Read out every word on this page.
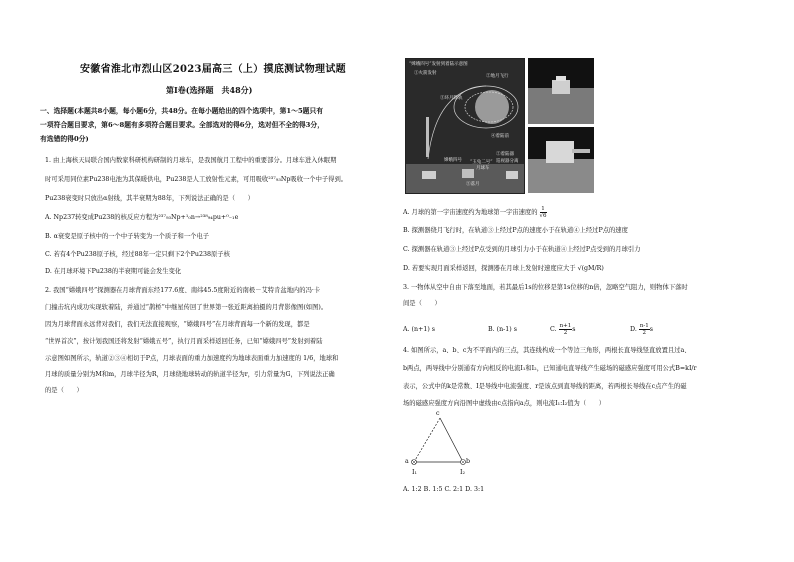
安徽省淮北市烈山区2023届高三（上）摸底测试物理试题
第Ⅰ卷(选择题　共48分)
一、选择题(本题共8小题，每小题6分，共48分。在每小题给出的四个选项中，第1～5题只有
一项符合题目要求，第6～8题有多项符合题目要求。全部选对的得6分，选对但不全的得3分，
有选错的得0分)
1. 由上海核天局联合国内数家科研机构研制的月球车，是我国航月工程中的重要部分。月球车进入休眠期
时可采用同位素Pu238电池为其保暖供电，Pu238是人工放射性元素，可用吸收²³⁷₉₃Np吸收一个中子得到。
Pu238衰变时只放出α射线，其半衰期为88年，下列说法正确的是（　　）
A. Np237转变成Pu238的核反应方程为²³⁷₉₃Np+¹₀n→²³⁸₉₄pu+⁰₋₁e
B. α衰变是原子核中的一个中子转变为一个质子和一个电子
C. 若有4个Pu238原子核，经过88年一定只剩下2个Pu238原子核
D. 在月球环境下Pu238的半衰期可能会发生变化
2. 我国“嫦娥四号”探测器在月球背面东经177.6度、南纬45.5度附近的南极－艾特肯盆地内的冯·卡
门撞击坑内成功实现软着陆，并通过“鹊桥”中继星传回了世界第一张近距离拍摄的月背影像图(如图)。
因为月球背面永远背对我们，我们无法直接观察，“嫦娥四号”在月球背面每一个新的发现，都是
“世界首次”，按计划我国还将发射“嫦娥五号”，执行月面采样返回任务，已知“嫦娥四号”发射到着陆
示意图如图所示，轨道②③④相切于P点，月球表面的重力加速度约为地球表面重力加速度的 1/6，地球和
月球的质量分别为M和m，月球半径为R，月球绕地球转动的轨道半径为r，引力常量为G，下列说法正确
的是（　　）
“嫦娥四号”发射到着陆示意图
①火箭发射
②地月飞行
③环月降轨
④着陆前
嫦娥四号 “玉兔二号”
月球车
②着陆器
巡视器分离
⑤落月
A. 月球的第一宇宙速度约为地球第一宇宙速度的 $\frac{1}{√6}$
B. 探测器绕月飞行时，在轨道③上经过P点的速度小于在轨道④上经过P点的速度
C. 探测器在轨道③上经过P点受到的月球引力小于在轨道④上经过P点受到的月球引力
D. 若要实现月面采样返回，探测器在月球上发射时速度应大于 √(gM/R)
3. 一物体从空中自由下落至地面，若其最后1s的位移是第1s位移的n倍，忽略空气阻力，则物体下落时
间是（　　）
A. (n+1) s	B. (n-1) s	C. $\frac{n+1}{2}$ s	D. $\frac{n-1}{2}$ s
4. 如图所示，a、b、c为不平面内的三点，其连线构成一个等边三角形，两根长直导线竖直放置且过a、
b两点，两导线中分别通有方向相反的电流I₁和I₂，已知通电直导线产生磁场的磁感应强度可用公式B=kI/r
表示，公式中的k是常数、I是导线中电流强度、r是该点到直导线的距离，若两根长导线在c点产生的磁
场的磁感应强度方向沿图中虚线由c点指向a点，则电流I₁:I₂值为（　　）
c
a	b
I₁	I₂
A. 1:2 B. 1:5 C. 2:1 D. 3:1
